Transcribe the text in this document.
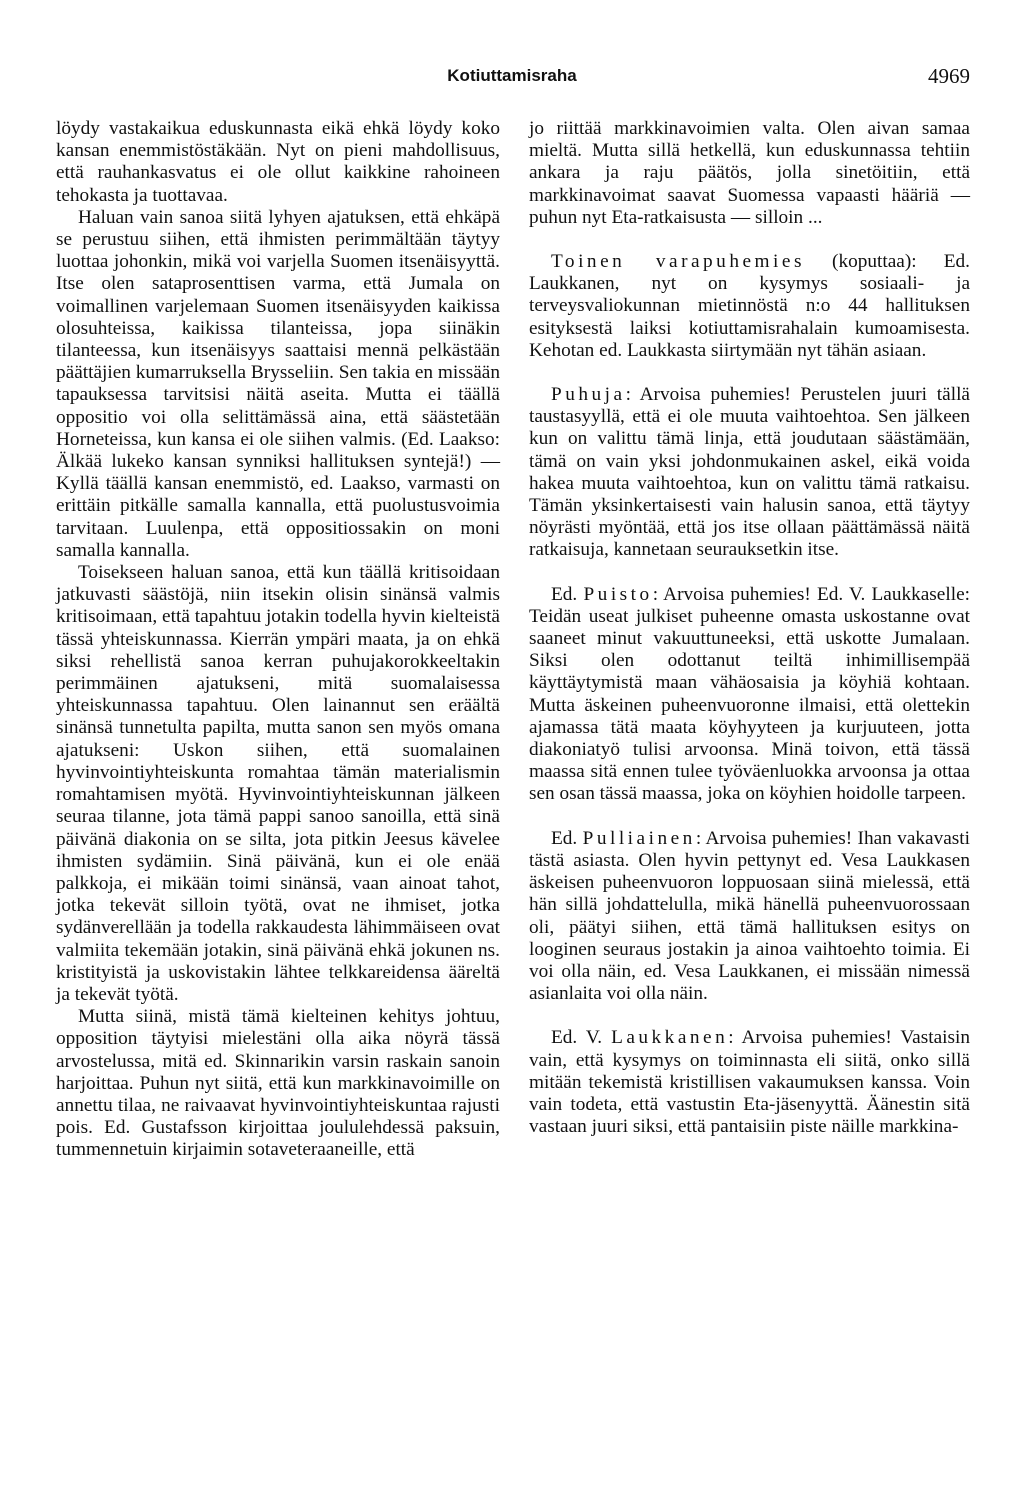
Kotiuttamisraha	4969

löydy vastakaikua eduskunnasta eikä ehkä löydy koko kansan enemmistöstäkään. Nyt on pieni mahdollisuus, että rauhankasvatus ei ole ollut kaikkine rahoineen tehokasta ja tuottavaa.

Haluan vain sanoa siitä lyhyen ajatuksen, että ehkäpä se perustuu siihen, että ihmisten perimmältään täytyy luottaa johonkin, mikä voi varjella Suomen itsenäisyyttä. Itse olen sataprosenttisen varma, että Jumala on voimallinen varjelemaan Suomen itsenäisyyden kaikissa olosuhteissa, kaikissa tilanteissa, jopa siinäkin tilanteessa, kun itsenäisyys saattaisi mennä pelkästään päättäjien kumarruksella Brysseliin. Sen takia en missään tapauksessa tarvitsisi näitä aseita. Mutta ei täällä oppositio voi olla selittämässä aina, että säästetään Horneteissa, kun kansa ei ole siihen valmis. (Ed. Laakso: Älkää lukeko kansan synniksi hallituksen syntejä!) — Kyllä täällä kansan enemmistö, ed. Laakso, varmasti on erittäin pitkälle samalla kannalla, että puolustusvoimia tarvitaan. Luulenpa, että oppositiossakin on moni samalla kannalla.

Toisekseen haluan sanoa, että kun täällä kritisoidaan jatkuvasti säästöjä, niin itsekin olisin sinänsä valmis kritisoimaan, että tapahtuu jotakin todella hyvin kielteistä tässä yhteiskunnassa. Kierrän ympäri maata, ja on ehkä siksi rehellistä sanoa kerran puhujakorokkeeltakin perimmäinen ajatukseni, mitä suomalaisessa yhteiskunnassa tapahtuu. Olen lainannut sen eräältä sinänsä tunnetulta papilta, mutta sanon sen myös omana ajatukseni: Uskon siihen, että suomalainen hyvinvointiyhteiskunta romahtaa tämän materialismin romahtamisen myötä. Hyvinvointiyhteiskunnan jälkeen seuraa tilanne, jota tämä pappi sanoo sanoilla, että sinä päivänä diakonia on se silta, jota pitkin Jeesus kävelee ihmisten sydämiin. Sinä päivänä, kun ei ole enää palkkoja, ei mikään toimi sinänsä, vaan ainoat tahot, jotka tekevät silloin työtä, ovat ne ihmiset, jotka sydänverellään ja todella rakkaudesta lähimmäiseen ovat valmiita tekemään jotakin, sinä päivänä ehkä jokunen ns. kristityistä ja uskovistakin lähtee telkkareidensa ääreltä ja tekevät työtä.

Mutta siinä, mistä tämä kielteinen kehitys johtuu, opposition täytyisi mielestäni olla aika nöyrä tässä arvostelussa, mitä ed. Skinnarikin varsin raskain sanoin harjoittaa. Puhun nyt siitä, että kun markkinavoimille on annettu tilaa, ne raivaavat hyvinvointiyhteiskuntaa rajusti pois. Ed. Gustafsson kirjoittaa joululehdessä paksuin, tummennetuin kirjaimin sotaveteraaneille, että

jo riittää markkinavoimien valta. Olen aivan samaa mieltä. Mutta sillä hetkellä, kun eduskunnassa tehtiin ankara ja raju päätös, jolla sinetöitiin, että markkinavoimat saavat Suomessa vapaasti hääriä — puhun nyt Eta-ratkaisusta — silloin ...

Toinen varapuhemies (koputtaa): Ed. Laukkanen, nyt on kysymys sosiaali- ja terveysvaliokunnan mietinnöstä n:o 44 hallituksen esityksestä laiksi kotiuttamisrahalain kumoamisesta. Kehotan ed. Laukkasta siirtymään nyt tähän asiaan.

Puhuja: Arvoisa puhemies! Perustelen juuri tällä taustasyyllä, että ei ole muuta vaihtoehtoa. Sen jälkeen kun on valittu tämä linja, että joudutaan säästämään, tämä on vain yksi johdonmukainen askel, eikä voida hakea muuta vaihtoehtoa, kun on valittu tämä ratkaisu. Tämän yksinkertaisesti vain halusin sanoa, että täytyy nöyrästi myöntää, että jos itse ollaan päättämässä näitä ratkaisuja, kannetaan seurauksetkin itse.

Ed. Puisto: Arvoisa puhemies! Ed. V. Laukkaselle: Teidän useat julkiset puheenne omasta uskostanne ovat saaneet minut vakuuttuneeksi, että uskotte Jumalaan. Siksi olen odottanut teiltä inhimillisempää käyttäytymistä maan vähäosaisia ja köyhiä kohtaan. Mutta äskeinen puheenvuoronne ilmaisi, että olettekin ajamassa tätä maata köyhyyteen ja kurjuuteen, jotta diakoniatyö tulisi arvoonsa. Minä toivon, että tässä maassa sitä ennen tulee työväenluokka arvoonsa ja ottaa sen osan tässä maassa, joka on köyhien hoidolle tarpeen.

Ed. Pulliainen: Arvoisa puhemies! Ihan vakavasti tästä asiasta. Olen hyvin pettynyt ed. Vesa Laukkasen äskeisen puheenvuoron loppuosaan siinä mielessä, että hän sillä johdattelulla, mikä hänellä puheenvuorossaan oli, päätyi siihen, että tämä hallituksen esitys on looginen seuraus jostakin ja ainoa vaihtoehto toimia. Ei voi olla näin, ed. Vesa Laukkanen, ei missään nimessä asianlaita voi olla näin.

Ed. V. Laukkanen: Arvoisa puhemies! Vastaisin vain, että kysymys on toiminnasta eli siitä, onko sillä mitään tekemistä kristillisen vakaumuksen kanssa. Voin vain todeta, että vastustin Eta-jäsenyyttä. Äänestin sitä vastaan juuri siksi, että pantaisiin piste näille markkina-
